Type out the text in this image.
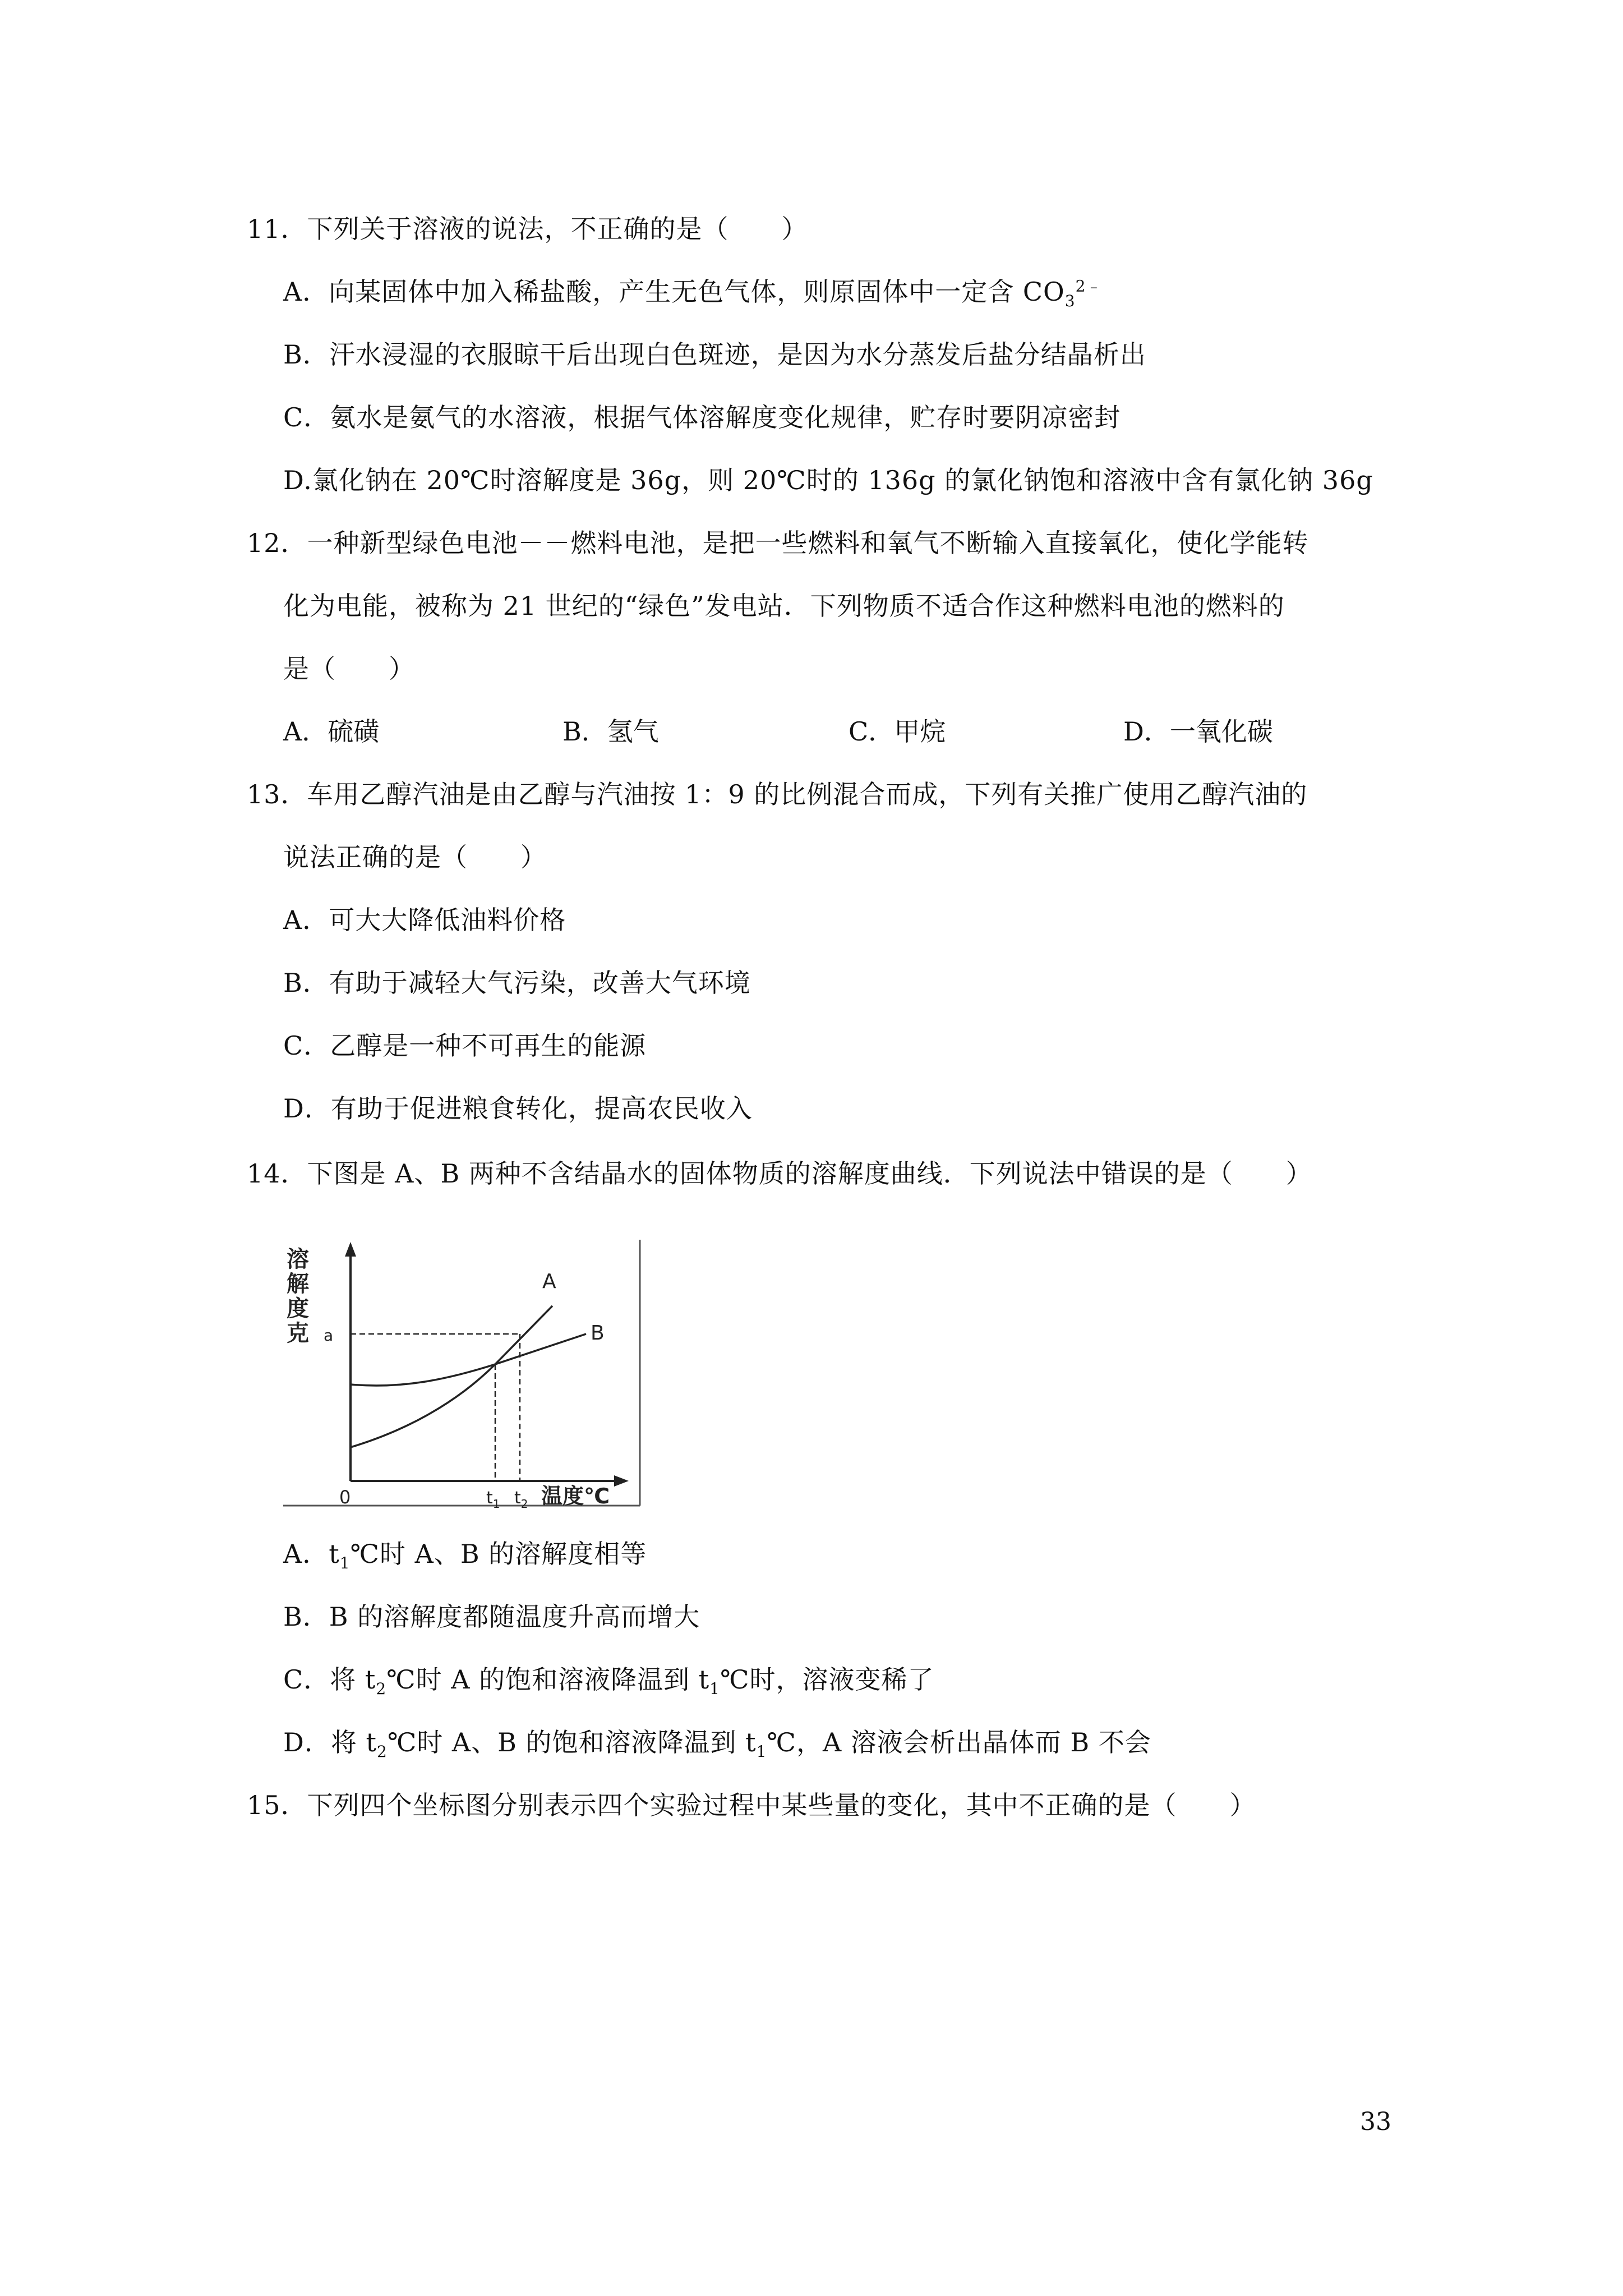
11．下列关于溶液的说法，不正确的是（　　）
A．向某固体中加入稀盐酸，产生无色气体，则原固体中一定含 $CO_3^{2﹣}$
B．汗水浸湿的衣服晾干后出现白色斑迹，是因为水分蒸发后盐分结晶析出
C．氨水是氨气的水溶液，根据气体溶解度变化规律，贮存时要阴凉密封
D.氯化钠在 20℃时溶解度是 36g，则 20℃时的 136g 的氯化钠饱和溶液中含有氯化钠 36g
12．一种新型绿色电池－－燃料电池，是把一些燃料和氧气不断输入直接氧化，使化学能转
化为电能，被称为 21 世纪的“绿色”发电站．下列物质不适合作这种燃料电池的燃料的
是（　　）
A．硫磺	B．氢气	C．甲烷	D．一氧化碳
13．车用乙醇汽油是由乙醇与汽油按 1：9 的比例混合而成，下列有关推广使用乙醇汽油的
说法正确的是（　　）
A．可大大降低油料价格
B．有助于减轻大气污染，改善大气环境
C．乙醇是一种不可再生的能源
D．有助于促进粮食转化，提高农民收入
14．下图是 A、B 两种不含结晶水的固体物质的溶解度曲线．下列说法中错误的是（　　）
溶
解
度
克
A
B
a
0	$t_1$ $t_2$ 温度℃
A．$t_1℃$时 A、B 的溶解度相等
B．B 的溶解度都随温度升高而增大
C．将 $t_2℃$时 A 的饱和溶液降温到 $t_1℃$时，溶液变稀了
D．将 $t_2℃$时 A、B 的饱和溶液降温到 $t_1℃$，A 溶液会析出晶体而 B 不会
15．下列四个坐标图分别表示四个实验过程中某些量的变化，其中不正确的是（　　）
33
